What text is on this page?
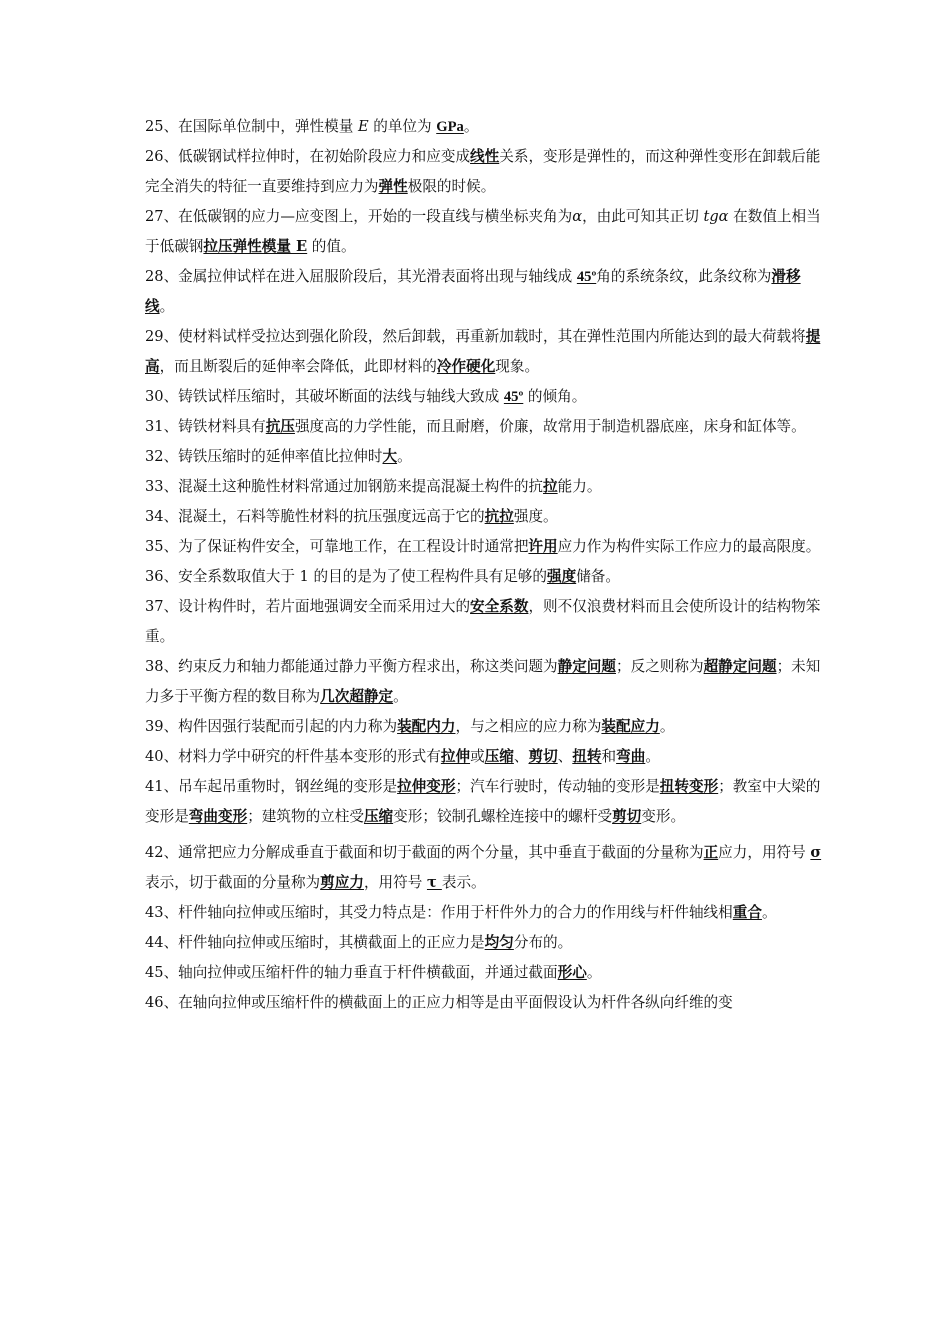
25、在国际单位制中，弹性模量 E 的单位为 GPa。

26、低碳钢试样拉伸时，在初始阶段应力和应变成线性关系，变形是弹性的，而这种弹性变形在卸载后能完全消失的特征一直要维持到应力为弹性极限的时候。

27、在低碳钢的应力—应变图上，开始的一段直线与横坐标夹角为α，由此可知其正切 tgα 在数值上相当于低碳钢拉压弹性模量 E 的值。

28、金属拉伸试样在进入屈服阶段后，其光滑表面将出现与轴线成 45º角的系统条纹，此条纹称为滑移线。

29、使材料试样受拉达到强化阶段，然后卸载，再重新加载时，其在弹性范围内所能达到的最大荷载将提高，而且断裂后的延伸率会降低，此即材料的冷作硬化现象。

30、铸铁试样压缩时，其破坏断面的法线与轴线大致成 45º 的倾角。

31、铸铁材料具有抗压强度高的力学性能，而且耐磨，价廉，故常用于制造机器底座，床身和缸体等。

32、铸铁压缩时的延伸率值比拉伸时大。

33、混凝土这种脆性材料常通过加钢筋来提高混凝土构件的抗拉能力。

34、混凝土，石料等脆性材料的抗压强度远高于它的抗拉强度。

35、为了保证构件安全，可靠地工作，在工程设计时通常把许用应力作为构件实际工作应力的最高限度。

36、安全系数取值大于 1 的目的是为了使工程构件具有足够的强度储备。

37、设计构件时，若片面地强调安全而采用过大的安全系数，则不仅浪费材料而且会使所设计的结构物笨重。

38、约束反力和轴力都能通过静力平衡方程求出，称这类问题为静定问题；反之则称为超静定问题；未知力多于平衡方程的数目称为几次超静定。

39、构件因强行装配而引起的内力称为装配内力，与之相应的应力称为装配应力。

40、材料力学中研究的杆件基本变形的形式有拉伸或压缩、剪切、扭转和弯曲。

41、吊车起吊重物时，钢丝绳的变形是拉伸变形；汽车行驶时，传动轴的变形是扭转变形；教室中大梁的变形是弯曲变形；建筑物的立柱受压缩变形；铰制孔螺栓连接中的螺杆受剪切变形。

42、通常把应力分解成垂直于截面和切于截面的两个分量，其中垂直于截面的分量称为正应力，用符号 σ 表示，切于截面的分量称为剪应力，用符号 τ 表示。

43、杆件轴向拉伸或压缩时，其受力特点是：作用于杆件外力的合力的作用线与杆件轴线相重合。

44、杆件轴向拉伸或压缩时，其横截面上的正应力是均匀分布的。

45、轴向拉伸或压缩杆件的轴力垂直于杆件横截面，并通过截面形心。

46、在轴向拉伸或压缩杆件的横截面上的正应力相等是由平面假设认为杆件各纵向纤维的变
